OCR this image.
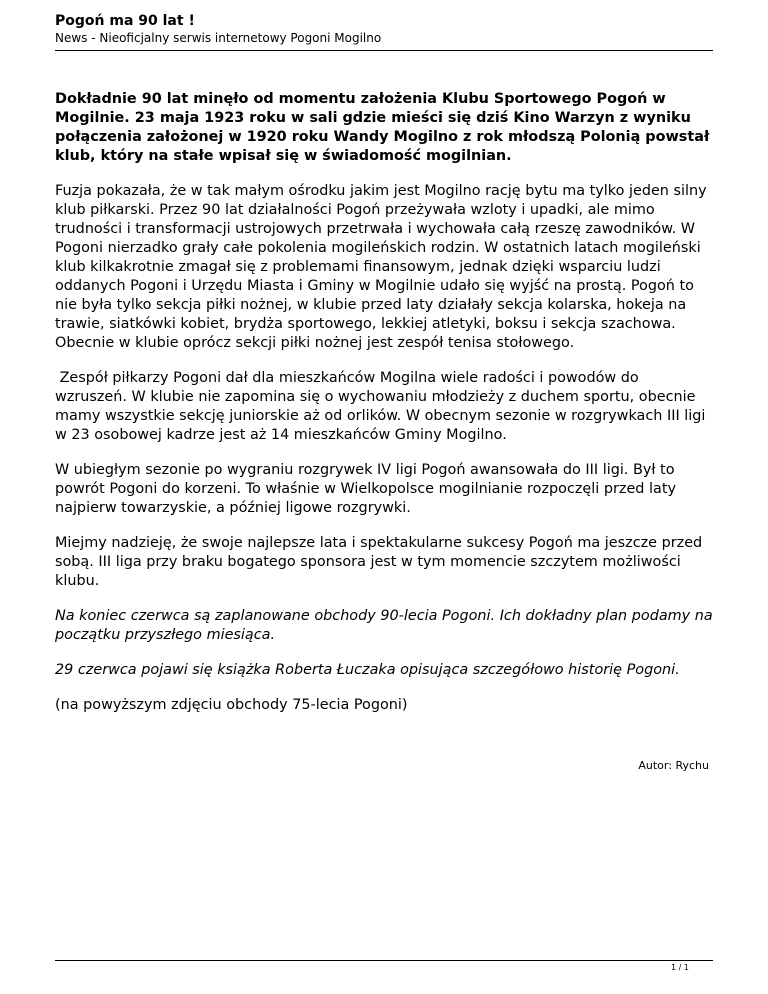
Pogoń ma 90 lat !

News - Nieoficjalny serwis internetowy Pogoni Mogilno

Dokładnie 90 lat minęło od momentu założenia Klubu Sportowego Pogoń w Mogilnie. 23 maja 1923 roku w sali gdzie mieści się dziś Kino Warzyn z wyniku połączenia założonej w 1920 roku Wandy Mogilno z rok młodszą Polonią powstał klub, który na stałe wpisał się w świadomość mogilnian.

Fuzja pokazała, że w tak małym ośrodku jakim jest Mogilno rację bytu ma tylko jeden silny klub piłkarski. Przez 90 lat działalności Pogoń przeżywała wzloty i upadki, ale mimo trudności i transformacji ustrojowych przetrwała i wychowała całą rzeszę zawodników. W Pogoni nierzadko grały całe pokolenia mogileńskich rodzin. W ostatnich latach mogileński klub kilkakrotnie zmagał się z problemami finansowym, jednak dzięki wsparciu ludzi oddanych Pogoni i Urzędu Miasta i Gminy w Mogilnie udało się wyjść na prostą. Pogoń to nie była tylko sekcja piłki nożnej, w klubie przed laty działały sekcja kolarska, hokeja na trawie, siatkówki kobiet, brydża sportowego, lekkiej atletyki, boksu i sekcja szachowa. Obecnie w klubie oprócz sekcji piłki nożnej jest zespół tenisa stołowego.

Zespół piłkarzy Pogoni dał dla mieszkańców Mogilna wiele radości i powodów do wzruszeń. W klubie nie zapomina się o wychowaniu młodzieży z duchem sportu, obecnie mamy wszystkie sekcję juniorskie aż od orlików. W obecnym sezonie w rozgrywkach III ligi w 23 osobowej kadrze jest aż 14 mieszkańców Gminy Mogilno.

W ubiegłym sezonie po wygraniu rozgrywek IV ligi Pogoń awansowała do III ligi. Był to powrót Pogoni do korzeni. To właśnie w Wielkopolsce mogilnianie rozpoczęli przed laty najpierw towarzyskie, a później ligowe rozgrywki.

Miejmy nadzieję, że swoje najlepsze lata i spektakularne sukcesy Pogoń ma jeszcze przed sobą. III liga przy braku bogatego sponsora jest w tym momencie szczytem możliwości klubu.

Na koniec czerwca są zaplanowane obchody 90-lecia Pogoni. Ich dokładny plan podamy na początku przyszłego miesiąca.

29 czerwca pojawi się książka Roberta Łuczaka opisująca szczegółowo historię Pogoni.

(na powyższym zdjęciu obchody 75-lecia Pogoni)

Autor: Rychu
1 / 1
